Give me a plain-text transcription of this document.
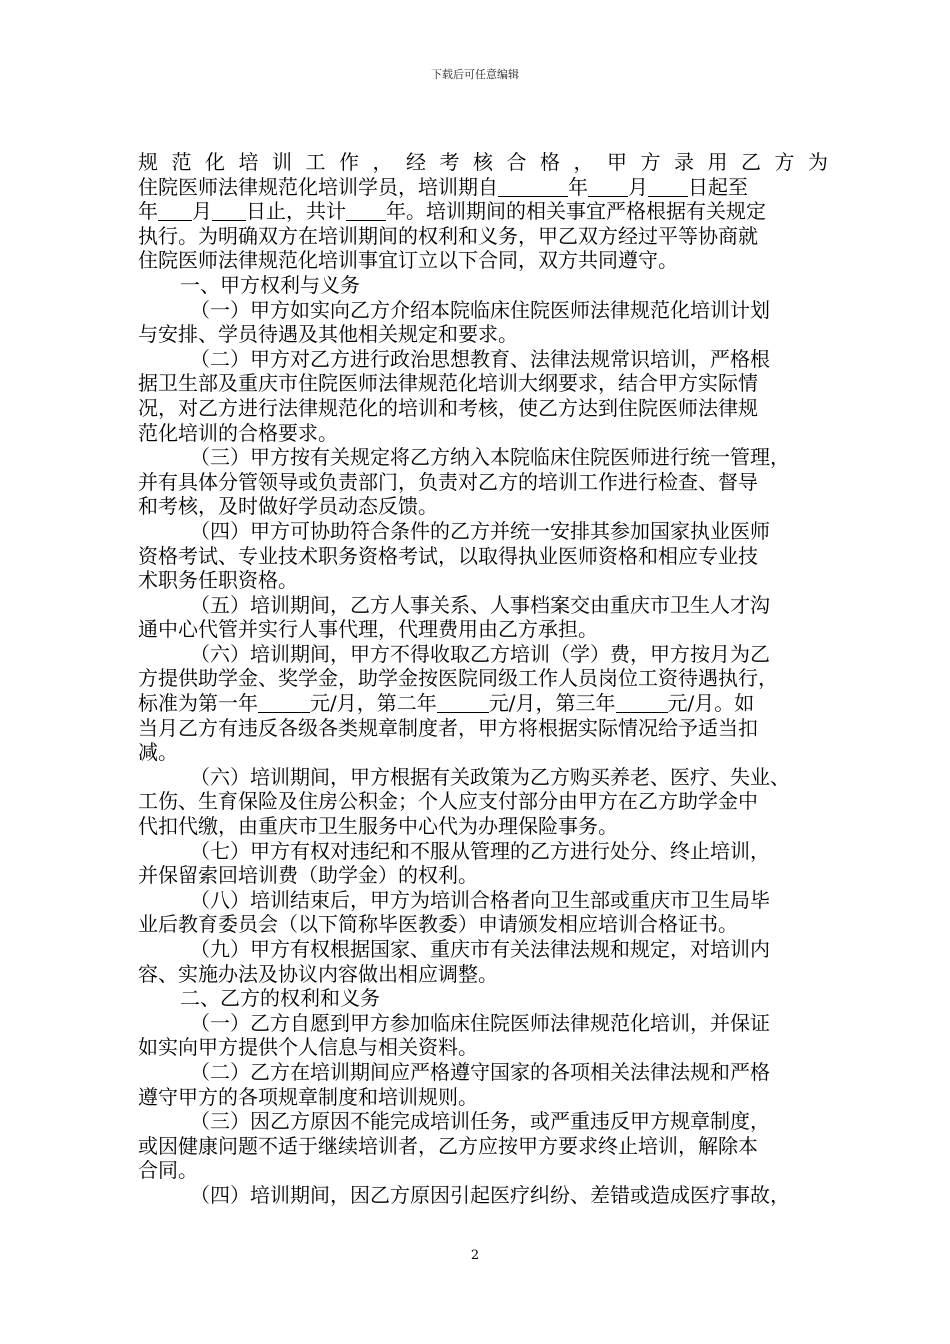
下载后可任意编辑
规范化培训工作，经考核合格，甲方录用乙方为
住院医师法律规范化培训学员，培训期自	年 月 日起至
年 月 日止，共计 年。培训期间的相关事宜严格根据有关规定
执行。为明确双方在培训期间的权利和义务，甲乙双方经过平等协商就
住院医师法律规范化培训事宜订立以下合同，双方共同遵守。
一、甲方权利与义务
（一）甲方如实向乙方介绍本院临床住院医师法律规范化培训计划
与安排、学员待遇及其他相关规定和要求。
（二）甲方对乙方进行政治思想教育、法律法规常识培训，严格根
据卫生部及重庆市住院医师法律规范化培训大纲要求，结合甲方实际情
况，对乙方进行法律规范化的培训和考核，使乙方达到住院医师法律规
范化培训的合格要求。
（三）甲方按有关规定将乙方纳入本院临床住院医师进行统一管理，
并有具体分管领导或负责部门，负责对乙方的培训工作进行检查、督导
和考核，及时做好学员动态反馈。
（四）甲方可协助符合条件的乙方并统一安排其参加国家执业医师
资格考试、专业技术职务资格考试，以取得执业医师资格和相应专业技
术职务任职资格。
（五）培训期间，乙方人事关系、人事档案交由重庆市卫生人才沟
通中心代管并实行人事代理，代理费用由乙方承担。
（六）培训期间，甲方不得收取乙方培训（学）费，甲方按月为乙
方提供助学金、奖学金，助学金按医院同级工作人员岗位工资待遇执行，
标准为第一年	元/月，第二年	元/月，第三年	元/月。如
当月乙方有违反各级各类规章制度者，甲方将根据实际情况给予适当扣
减。
（六）培训期间，甲方根据有关政策为乙方购买养老、医疗、失业、
工伤、生育保险及住房公积金；个人应支付部分由甲方在乙方助学金中
代扣代缴，由重庆市卫生服务中心代为办理保险事务。
（七）甲方有权对违纪和不服从管理的乙方进行处分、终止培训，
并保留索回培训费（助学金）的权利。
（八）培训结束后，甲方为培训合格者向卫生部或重庆市卫生局毕
业后教育委员会（以下简称毕医教委）申请颁发相应培训合格证书。
（九）甲方有权根据国家、重庆市有关法律法规和规定，对培训内
容、实施办法及协议内容做出相应调整。
二、乙方的权利和义务
（一）乙方自愿到甲方参加临床住院医师法律规范化培训，并保证
如实向甲方提供个人信息与相关资料。
（二）乙方在培训期间应严格遵守国家的各项相关法律法规和严格
遵守甲方的各项规章制度和培训规则。
（三）因乙方原因不能完成培训任务，或严重违反甲方规章制度，
或因健康问题不适于继续培训者，乙方应按甲方要求终止培训，解除本
合同。
（四）培训期间，因乙方原因引起医疗纠纷、差错或造成医疗事故，
2
